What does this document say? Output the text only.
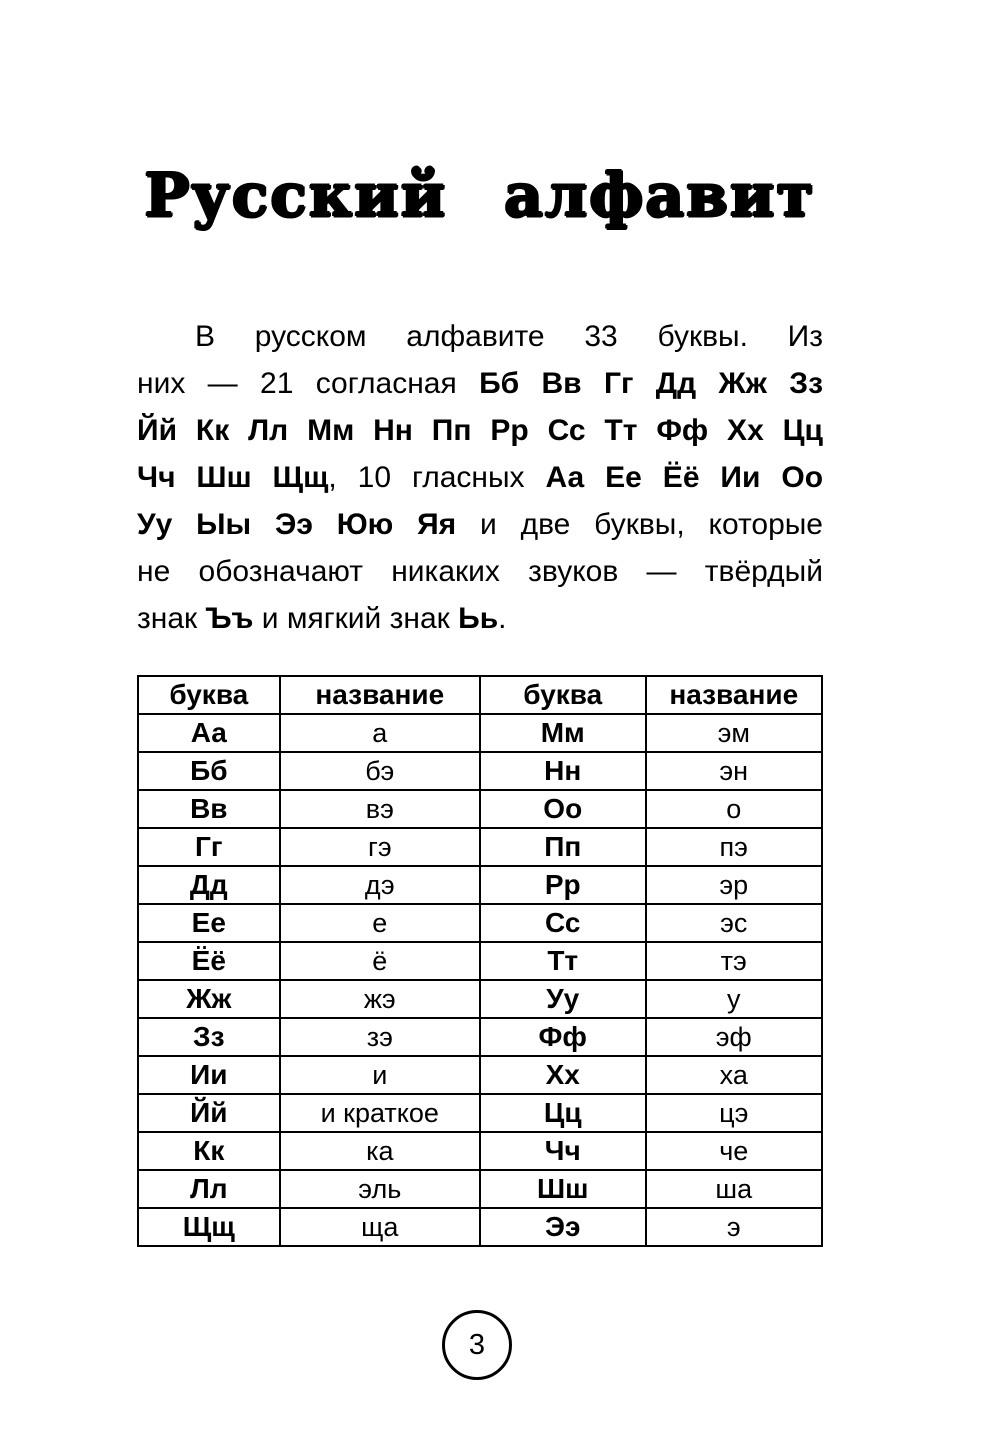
Русский алфавит
В русском алфавите 33 буквы. Из
них — 21 согласная Бб Вв Гг Дд Жж Зз
Йй Кк Лл Мм Нн Пп Рр Сс Тт Фф Хх Цц
Чч Шш Щщ, 10 гласных Аа Ее Ёё Ии Оо
Уу Ыы Ээ Юю Яя и две буквы, которые
не обозначают никаких звуков — твёрдый
знак Ъъ и мягкий знак Ьь.
буква	название	буква	название
Аа	а	Мм	эм
Бб	бэ	Нн	эн
Вв	вэ	Оо	о
Гг	гэ	Пп	пэ
Дд	дэ	Рр	эр
Ее	е	Сс	эс
Ёё	ё	Тт	тэ
Жж	жэ	Уу	у
Зз	зэ	Фф	эф
Ии	и	Хх	ха
Йй	и краткое	Цц	цэ
Кк	ка	Чч	че
Лл	эль	Шш	ша
Щщ	ща	Ээ	э
3
